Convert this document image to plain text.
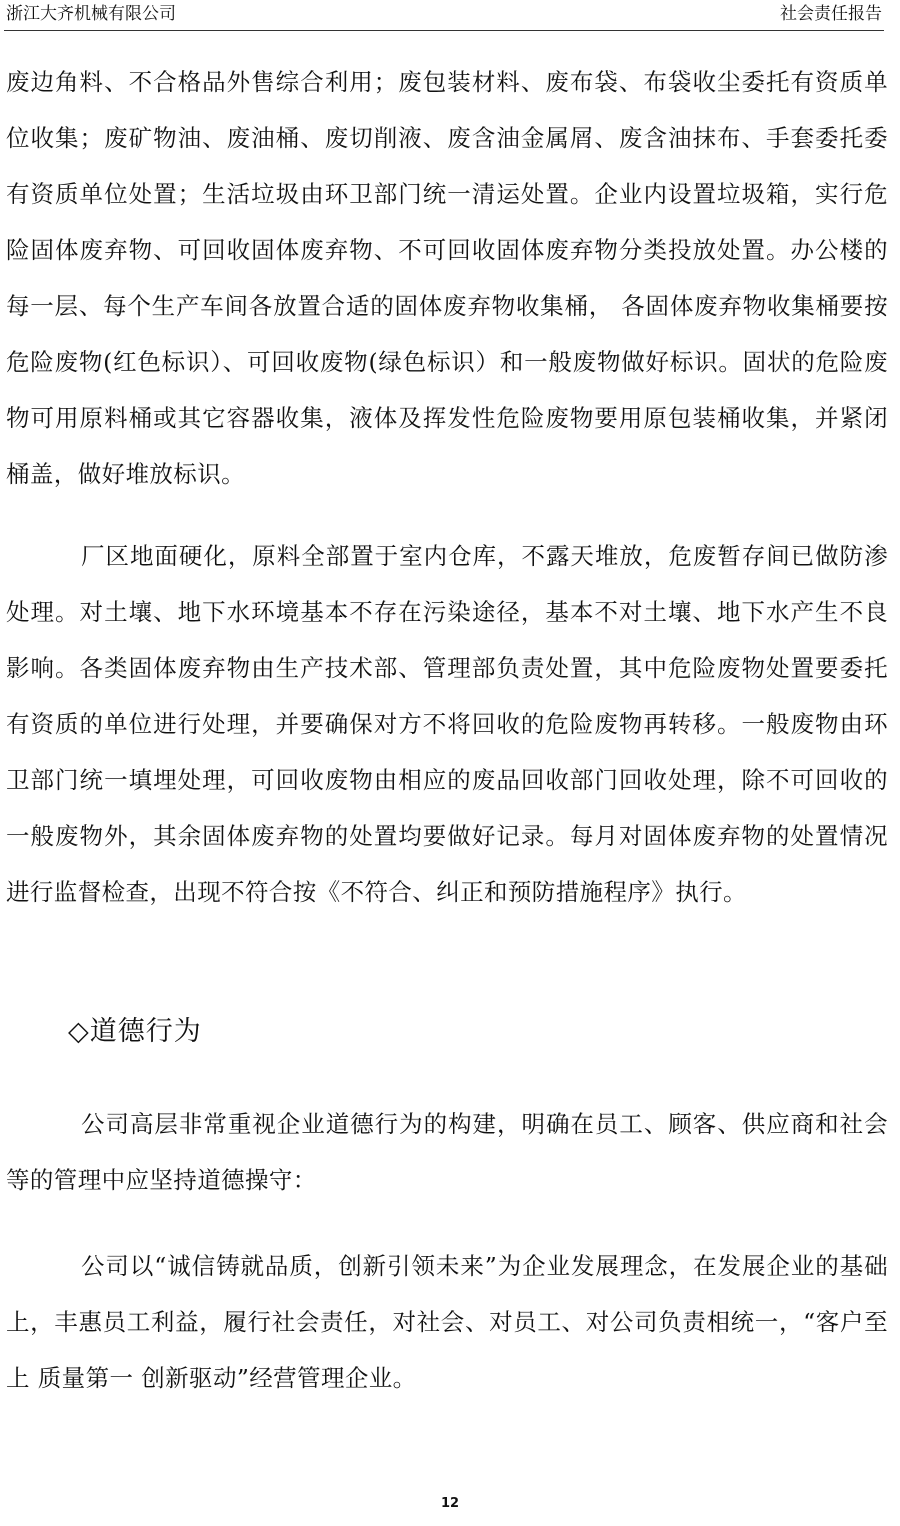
浙江大齐机械有限公司	社会责任报告

废边角料、不合格品外售综合利用；废包装材料、废布袋、布袋收尘委托有资质单位收集；废矿物油、废油桶、废切削液、废含油金属屑、废含油抹布、手套委托委有资质单位处置；生活垃圾由环卫部门统一清运处置。企业内设置垃圾箱，实行危险固体废弃物、可回收固体废弃物、不可回收固体废弃物分类投放处置。办公楼的每一层、每个生产车间各放置合适的固体废弃物收集桶， 各固体废弃物收集桶要按危险废物(红色标识）、可回收废物(绿色标识）和一般废物做好标识。固状的危险废物可用原料桶或其它容器收集，液体及挥发性危险废物要用原包装桶收集，并紧闭桶盖，做好堆放标识。

厂区地面硬化，原料全部置于室内仓库，不露天堆放，危废暂存间已做防渗处理。对土壤、地下水环境基本不存在污染途径，基本不对土壤、地下水产生不良影响。各类固体废弃物由生产技术部、管理部负责处置，其中危险废物处置要委托有资质的单位进行处理，并要确保对方不将回收的危险废物再转移。一般废物由环卫部门统一填埋处理，可回收废物由相应的废品回收部门回收处理，除不可回收的一般废物外，其余固体废弃物的处置均要做好记录。每月对固体废弃物的处置情况进行监督检查，出现不符合按《不符合、纠正和预防措施程序》执行。

◇道德行为

公司高层非常重视企业道德行为的构建，明确在员工、顾客、供应商和社会等的管理中应坚持道德操守：

公司以“诚信铸就品质，创新引领未来”为企业发展理念，在发展企业的基础上，丰惠员工利益，履行社会责任，对社会、对员工、对公司负责相统一，“客户至上 质量第一 创新驱动”经营管理企业。

12
